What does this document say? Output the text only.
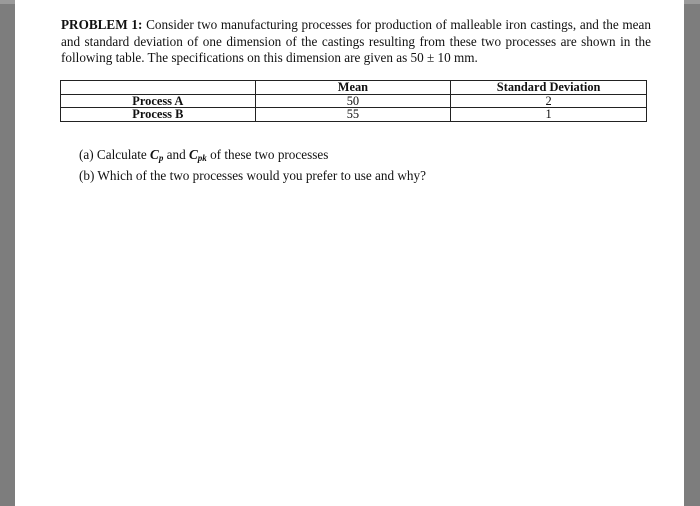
PROBLEM 1: Consider two manufacturing processes for production of malleable iron castings, and the mean and standard deviation of one dimension of the castings resulting from these two processes are shown in the following table. The specifications on this dimension are given as 50 ± 10 mm.

	Mean	Standard Deviation
Process A	50	2
Process B	55	1
(a) Calculate $C_p$ and $C_{pk}$ of these two processes
(b) Which of the two processes would you prefer to use and why?
